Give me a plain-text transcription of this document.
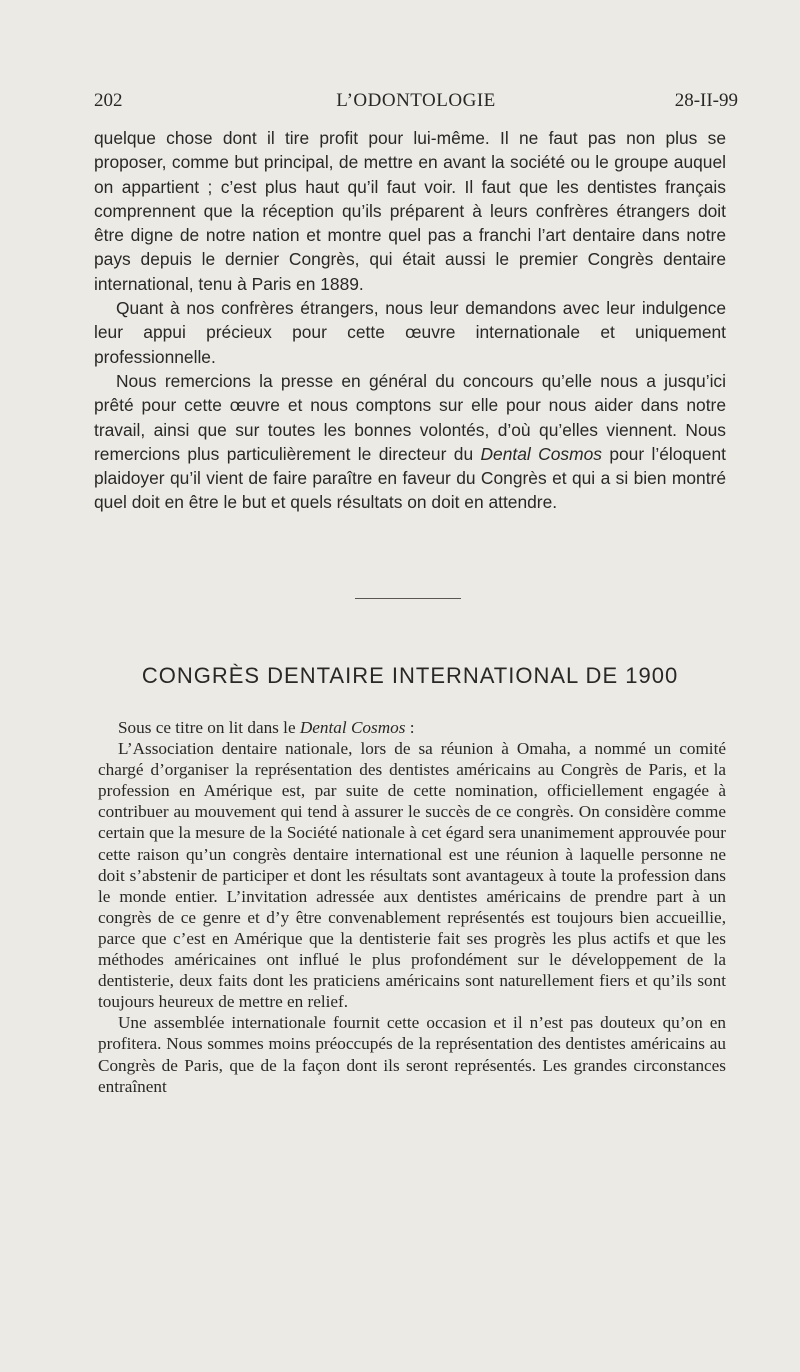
202	L’ODONTOLOGIE	28-II-99

quelque chose dont il tire profit pour lui-même. Il ne faut pas non plus se proposer, comme but principal, de mettre en avant la société ou le groupe auquel on appartient ; c’est plus haut qu’il faut voir. Il faut que les dentistes français comprennent que la réception qu’ils préparent à leurs confrères étrangers doit être digne de notre nation et montre quel pas a franchi l’art dentaire dans notre pays depuis le dernier Congrès, qui était aussi le premier Congrès dentaire international, tenu à Paris en 1889.

Quant à nos confrères étrangers, nous leur demandons avec leur indulgence leur appui précieux pour cette œuvre internationale et uniquement professionnelle.

Nous remercions la presse en général du concours qu’elle nous a jusqu’ici prêté pour cette œuvre et nous comptons sur elle pour nous aider dans notre travail, ainsi que sur toutes les bonnes volontés, d’où qu’elles viennent. Nous remercions plus particulièrement le directeur du Dental Cosmos pour l’éloquent plaidoyer qu’il vient de faire paraître en faveur du Congrès et qui a si bien montré quel doit en être le but et quels résultats on doit en attendre.

CONGRÈS DENTAIRE INTERNATIONAL DE 1900

Sous ce titre on lit dans le Dental Cosmos :

L’Association dentaire nationale, lors de sa réunion à Omaha, a nommé un comité chargé d’organiser la représentation des dentistes américains au Congrès de Paris, et la profession en Amérique est, par suite de cette nomination, officiellement engagée à contribuer au mouvement qui tend à assurer le succès de ce congrès. On considère comme certain que la mesure de la Société nationale à cet égard sera unanimement approuvée pour cette raison qu’un congrès dentaire international est une réunion à laquelle personne ne doit s’abstenir de participer et dont les résultats sont avantageux à toute la profession dans le monde entier. L’invitation adressée aux dentistes américains de prendre part à un congrès de ce genre et d’y être convenablement représentés est toujours bien accueillie, parce que c’est en Amérique que la dentisterie fait ses progrès les plus actifs et que les méthodes américaines ont influé le plus profondément sur le développement de la dentisterie, deux faits dont les praticiens américains sont naturellement fiers et qu’ils sont toujours heureux de mettre en relief.

Une assemblée internationale fournit cette occasion et il n’est pas douteux qu’on en profitera. Nous sommes moins préoccupés de la représentation des dentistes américains au Congrès de Paris, que de la façon dont ils seront représentés. Les grandes circonstances entraînent
